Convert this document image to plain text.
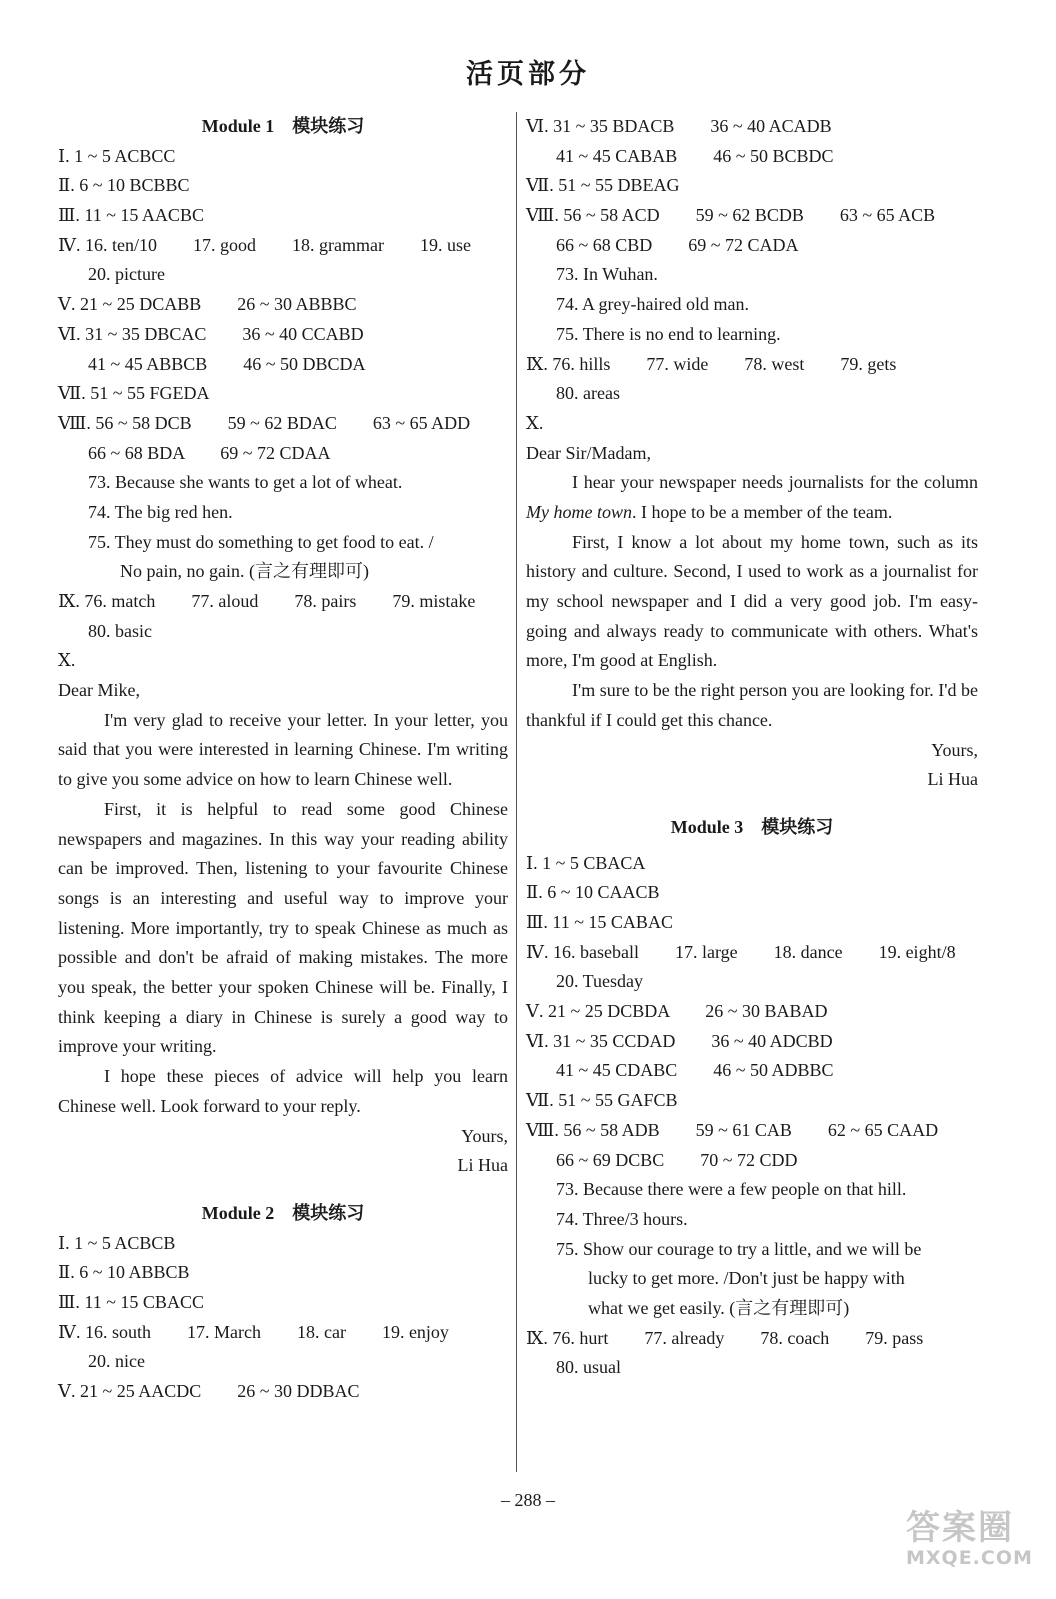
活页部分
Module 1　模块练习
Ⅰ. 1 ~ 5 ACBCC
Ⅱ. 6 ~ 10 BCBBC
Ⅲ. 11 ~ 15 AACBC
Ⅳ. 16. ten/10　　17. good　　18. grammar　　19. use
20. picture
Ⅴ. 21 ~ 25 DCABB　　26 ~ 30 ABBBC
Ⅵ. 31 ~ 35 DBCAC　　36 ~ 40 CCABD
41 ~ 45 ABBCB　　46 ~ 50 DBCDA
Ⅶ. 51 ~ 55 FGEDA
Ⅷ. 56 ~ 58 DCB　　59 ~ 62 BDAC　　63 ~ 65 ADD
66 ~ 68 BDA　　69 ~ 72 CDAA
73. Because she wants to get a lot of wheat.
74. The big red hen.
75. They must do something to get food to eat. /
No pain, no gain. (言之有理即可)
Ⅸ. 76. match　　77. aloud　　78. pairs　　79. mistake
80. basic
Ⅹ.
Dear Mike,
I'm very glad to receive your letter. In your letter, you said that you were interested in learning Chinese. I'm writing to give you some advice on how to learn Chinese well.
First, it is helpful to read some good Chinese newspapers and magazines. In this way your reading ability can be improved. Then, listening to your favourite Chinese songs is an interesting and useful way to improve your listening. More importantly, try to speak Chinese as much as possible and don't be afraid of making mistakes. The more you speak, the better your spoken Chinese will be. Finally, I think keeping a diary in Chinese is surely a good way to improve your writing.
I hope these pieces of advice will help you learn Chinese well. Look forward to your reply.
Yours,
Li Hua
Module 2　模块练习
Ⅰ. 1 ~ 5 ACBCB
Ⅱ. 6 ~ 10 ABBCB
Ⅲ. 11 ~ 15 CBACC
Ⅳ. 16. south　　17. March　　18. car　　19. enjoy
20. nice
Ⅴ. 21 ~ 25 AACDC　　26 ~ 30 DDBAC
Ⅵ. 31 ~ 35 BDACB　　36 ~ 40 ACADB
41 ~ 45 CABAB　　46 ~ 50 BCBDC
Ⅶ. 51 ~ 55 DBEAG
Ⅷ. 56 ~ 58 ACD　　59 ~ 62 BCDB　　63 ~ 65 ACB
66 ~ 68 CBD　　69 ~ 72 CADA
73. In Wuhan.
74. A grey-haired old man.
75. There is no end to learning.
Ⅸ. 76. hills　　77. wide　　78. west　　79. gets
80. areas
Ⅹ.
Dear Sir/Madam,
I hear your newspaper needs journalists for the column My home town. I hope to be a member of the team.
First, I know a lot about my home town, such as its history and culture. Second, I used to work as a journalist for my school newspaper and I did a very good job. I'm easy-going and always ready to communicate with others. What's more, I'm good at English.
I'm sure to be the right person you are looking for. I'd be thankful if I could get this chance.
Yours,
Li Hua
Module 3　模块练习
Ⅰ. 1 ~ 5 CBACA
Ⅱ. 6 ~ 10 CAACB
Ⅲ. 11 ~ 15 CABAC
Ⅳ. 16. baseball　　17. large　　18. dance　　19. eight/8
20. Tuesday
Ⅴ. 21 ~ 25 DCBDA　　26 ~ 30 BABAD
Ⅵ. 31 ~ 35 CCDAD　　36 ~ 40 ADCBD
41 ~ 45 CDABC　　46 ~ 50 ADBBC
Ⅶ. 51 ~ 55 GAFCB
Ⅷ. 56 ~ 58 ADB　　59 ~ 61 CAB　　62 ~ 65 CAAD
66 ~ 69 DCBC　　70 ~ 72 CDD
73. Because there were a few people on that hill.
74. Three/3 hours.
75. Show our courage to try a little, and we will be
lucky to get more. /Don't just be happy with
what we get easily. (言之有理即可)
Ⅸ. 76. hurt　　77. already　　78. coach　　79. pass
80. usual
– 288 –
答案圈
MXQE.COM
